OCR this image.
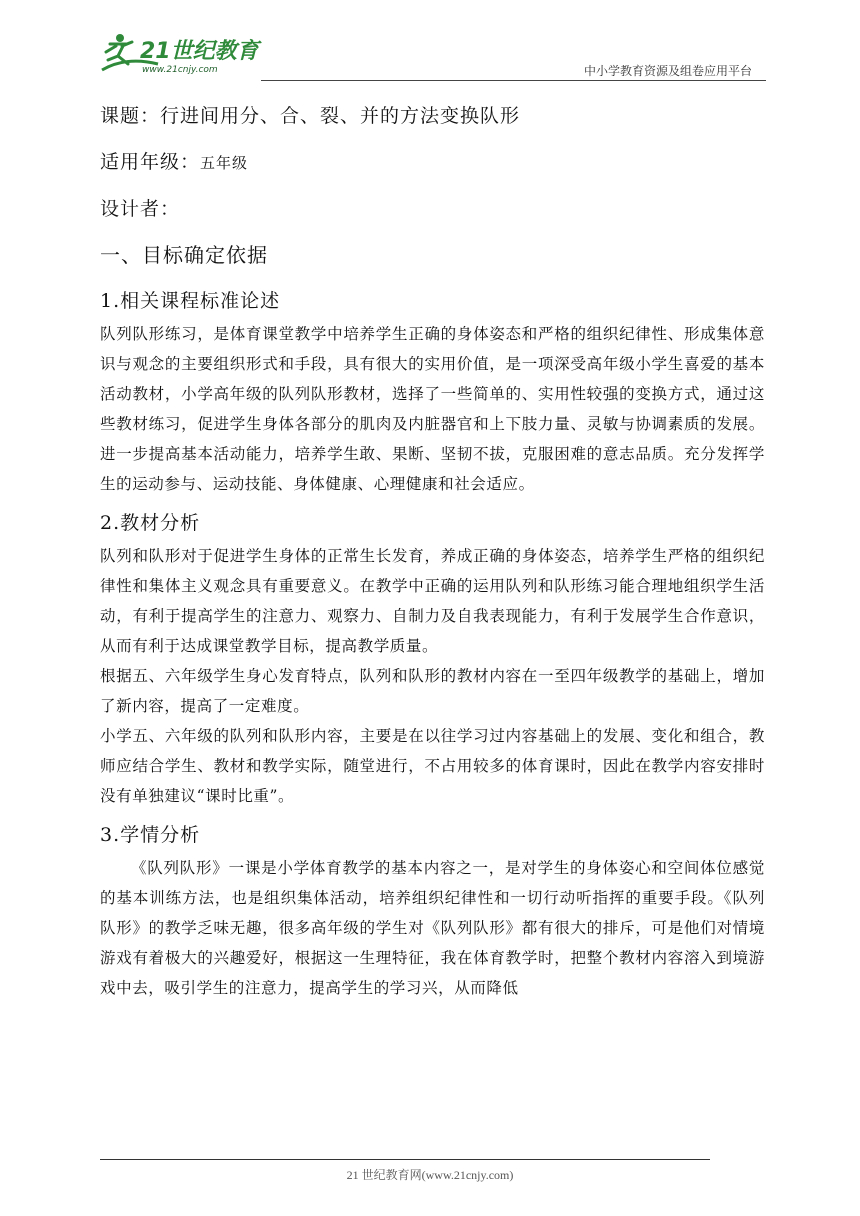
21世纪教育
www.21cnjy.com	中小学教育资源及组卷应用平台

课题：行进间用分、合、裂、并的方法变换队形

适用年级：五年级

设计者：

一、目标确定依据

1.相关课程标准论述

队列队形练习，是体育课堂教学中培养学生正确的身体姿态和严格的组织纪律性、形成集体意识与观念的主要组织形式和手段，具有很大的实用价值，是一项深受高年级小学生喜爱的基本活动教材，小学高年级的队列队形教材，选择了一些简单的、实用性较强的变换方式，通过这些教材练习，促进学生身体各部分的肌肉及内脏器官和上下肢力量、灵敏与协调素质的发展。进一步提高基本活动能力，培养学生敢、果断、坚韧不拔，克服困难的意志品质。充分发挥学生的运动参与、运动技能、身体健康、心理健康和社会适应。

2.教材分析

队列和队形对于促进学生身体的正常生长发育，养成正确的身体姿态，培养学生严格的组织纪律性和集体主义观念具有重要意义。在教学中正确的运用队列和队形练习能合理地组织学生活动，有利于提高学生的注意力、观察力、自制力及自我表现能力，有利于发展学生合作意识，从而有利于达成课堂教学目标，提高教学质量。

根据五、六年级学生身心发育特点，队列和队形的教材内容在一至四年级教学的基础上，增加了新内容，提高了一定难度。

小学五、六年级的队列和队形内容，主要是在以往学习过内容基础上的发展、变化和组合，教师应结合学生、教材和教学实际，随堂进行，不占用较多的体育课时，因此在教学内容安排时没有单独建议“课时比重”。

3.学情分析

《队列队形》一课是小学体育教学的基本内容之一，是对学生的身体姿心和空间体位感觉的基本训练方法，也是组织集体活动，培养组织纪律性和一切行动听指挥的重要手段。《队列队形》的教学乏味无趣，很多高年级的学生对《队列队形》都有很大的排斥，可是他们对情境游戏有着极大的兴趣爱好，根据这一生理特征，我在体育教学时，把整个教材内容溶入到境游戏中去，吸引学生的注意力，提高学生的学习兴，从而降低

21 世纪教育网(www.21cnjy.com)
